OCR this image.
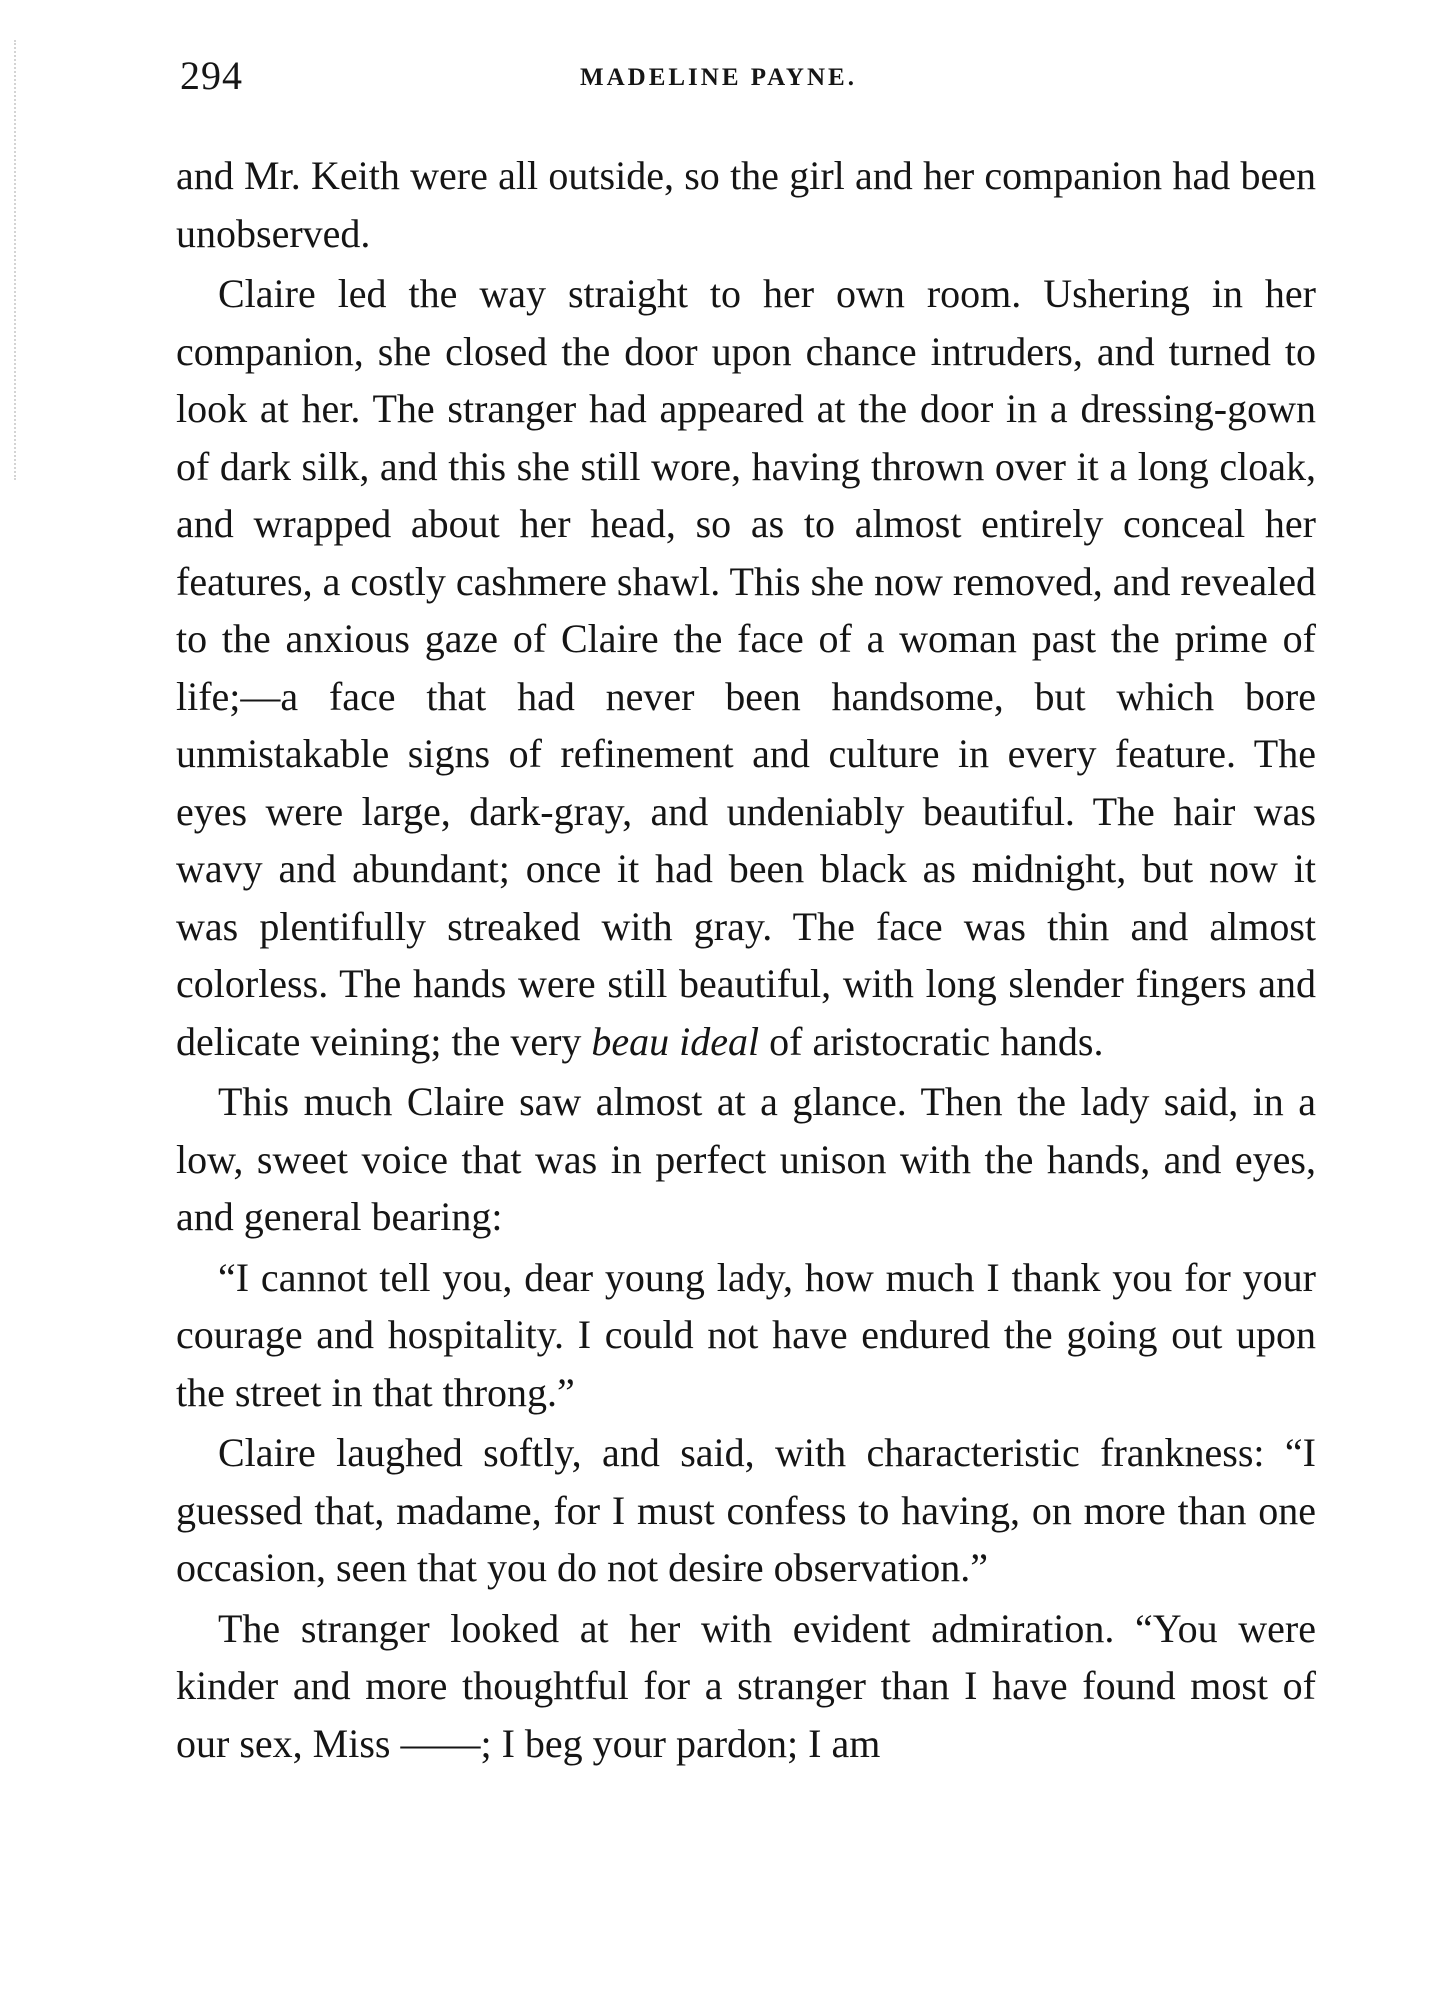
294	MADELINE PAYNE.

and Mr. Keith were all outside, so the girl and her companion had been unobserved.

Claire led the way straight to her own room. Ushering in her companion, she closed the door upon chance intruders, and turned to look at her. The stranger had appeared at the door in a dressing-gown of dark silk, and this she still wore, having thrown over it a long cloak, and wrapped about her head, so as to almost entirely conceal her features, a costly cashmere shawl. This she now removed, and revealed to the anxious gaze of Claire the face of a woman past the prime of life;—a face that had never been handsome, but which bore unmistakable signs of refinement and culture in every feature. The eyes were large, dark-gray, and undeniably beautiful. The hair was wavy and abundant; once it had been black as midnight, but now it was plentifully streaked with gray. The face was thin and almost colorless. The hands were still beautiful, with long slender fingers and delicate veining; the very beau ideal of aristocratic hands.

This much Claire saw almost at a glance. Then the lady said, in a low, sweet voice that was in perfect unison with the hands, and eyes, and general bearing:

“I cannot tell you, dear young lady, how much I thank you for your courage and hospitality. I could not have endured the going out upon the street in that throng.”

Claire laughed softly, and said, with characteristic frankness: “I guessed that, madame, for I must confess to having, on more than one occasion, seen that you do not desire observation.”

The stranger looked at her with evident admiration. “You were kinder and more thoughtful for a stranger than I have found most of our sex, Miss ——; I beg your pardon; I am
